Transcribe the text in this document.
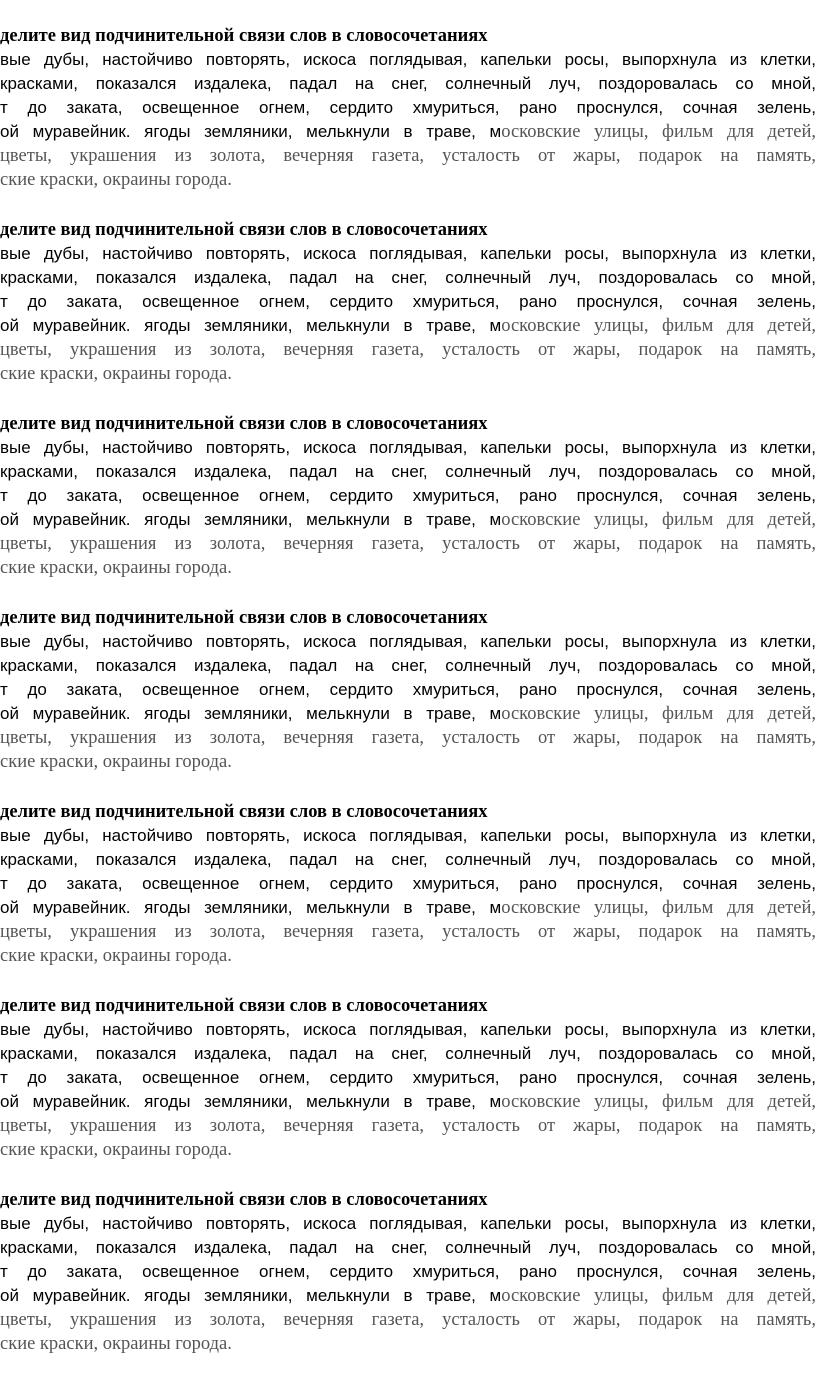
делите вид подчинительной связи слов в словосочетаниях
вые дубы, настойчиво повторять, искоса поглядывая, капельки росы, выпорхнула из клетки,
красками, показался издалека, падал на снег, солнечный луч, поздоровалась со мной,
т до заката, освещенное огнем, сердито хмуриться, рано проснулся, сочная зелень,
ой муравейник. ягоды земляники, мелькнули в траве, московские улицы, фильм для детей,
цветы, украшения из золота, вечерняя газета, усталость от жары, подарок на память,
ские краски, окраины города.
делите вид подчинительной связи слов в словосочетаниях
вые дубы, настойчиво повторять, искоса поглядывая, капельки росы, выпорхнула из клетки,
красками, показался издалека, падал на снег, солнечный луч, поздоровалась со мной,
т до заката, освещенное огнем, сердито хмуриться, рано проснулся, сочная зелень,
ой муравейник. ягоды земляники, мелькнули в траве, московские улицы, фильм для детей,
цветы, украшения из золота, вечерняя газета, усталость от жары, подарок на память,
ские краски, окраины города.
делите вид подчинительной связи слов в словосочетаниях
вые дубы, настойчиво повторять, искоса поглядывая, капельки росы, выпорхнула из клетки,
красками, показался издалека, падал на снег, солнечный луч, поздоровалась со мной,
т до заката, освещенное огнем, сердито хмуриться, рано проснулся, сочная зелень,
ой муравейник. ягоды земляники, мелькнули в траве, московские улицы, фильм для детей,
цветы, украшения из золота, вечерняя газета, усталость от жары, подарок на память,
ские краски, окраины города.
делите вид подчинительной связи слов в словосочетаниях
вые дубы, настойчиво повторять, искоса поглядывая, капельки росы, выпорхнула из клетки,
красками, показался издалека, падал на снег, солнечный луч, поздоровалась со мной,
т до заката, освещенное огнем, сердито хмуриться, рано проснулся, сочная зелень,
ой муравейник. ягоды земляники, мелькнули в траве, московские улицы, фильм для детей,
цветы, украшения из золота, вечерняя газета, усталость от жары, подарок на память,
ские краски, окраины города.
делите вид подчинительной связи слов в словосочетаниях
вые дубы, настойчиво повторять, искоса поглядывая, капельки росы, выпорхнула из клетки,
красками, показался издалека, падал на снег, солнечный луч, поздоровалась со мной,
т до заката, освещенное огнем, сердито хмуриться, рано проснулся, сочная зелень,
ой муравейник. ягоды земляники, мелькнули в траве, московские улицы, фильм для детей,
цветы, украшения из золота, вечерняя газета, усталость от жары, подарок на память,
ские краски, окраины города.
делите вид подчинительной связи слов в словосочетаниях
вые дубы, настойчиво повторять, искоса поглядывая, капельки росы, выпорхнула из клетки,
красками, показался издалека, падал на снег, солнечный луч, поздоровалась со мной,
т до заката, освещенное огнем, сердито хмуриться, рано проснулся, сочная зелень,
ой муравейник. ягоды земляники, мелькнули в траве, московские улицы, фильм для детей,
цветы, украшения из золота, вечерняя газета, усталость от жары, подарок на память,
ские краски, окраины города.
делите вид подчинительной связи слов в словосочетаниях
вые дубы, настойчиво повторять, искоса поглядывая, капельки росы, выпорхнула из клетки,
красками, показался издалека, падал на снег, солнечный луч, поздоровалась со мной,
т до заката, освещенное огнем, сердито хмуриться, рано проснулся, сочная зелень,
ой муравейник. ягоды земляники, мелькнули в траве, московские улицы, фильм для детей,
цветы, украшения из золота, вечерняя газета, усталость от жары, подарок на память,
ские краски, окраины города.
